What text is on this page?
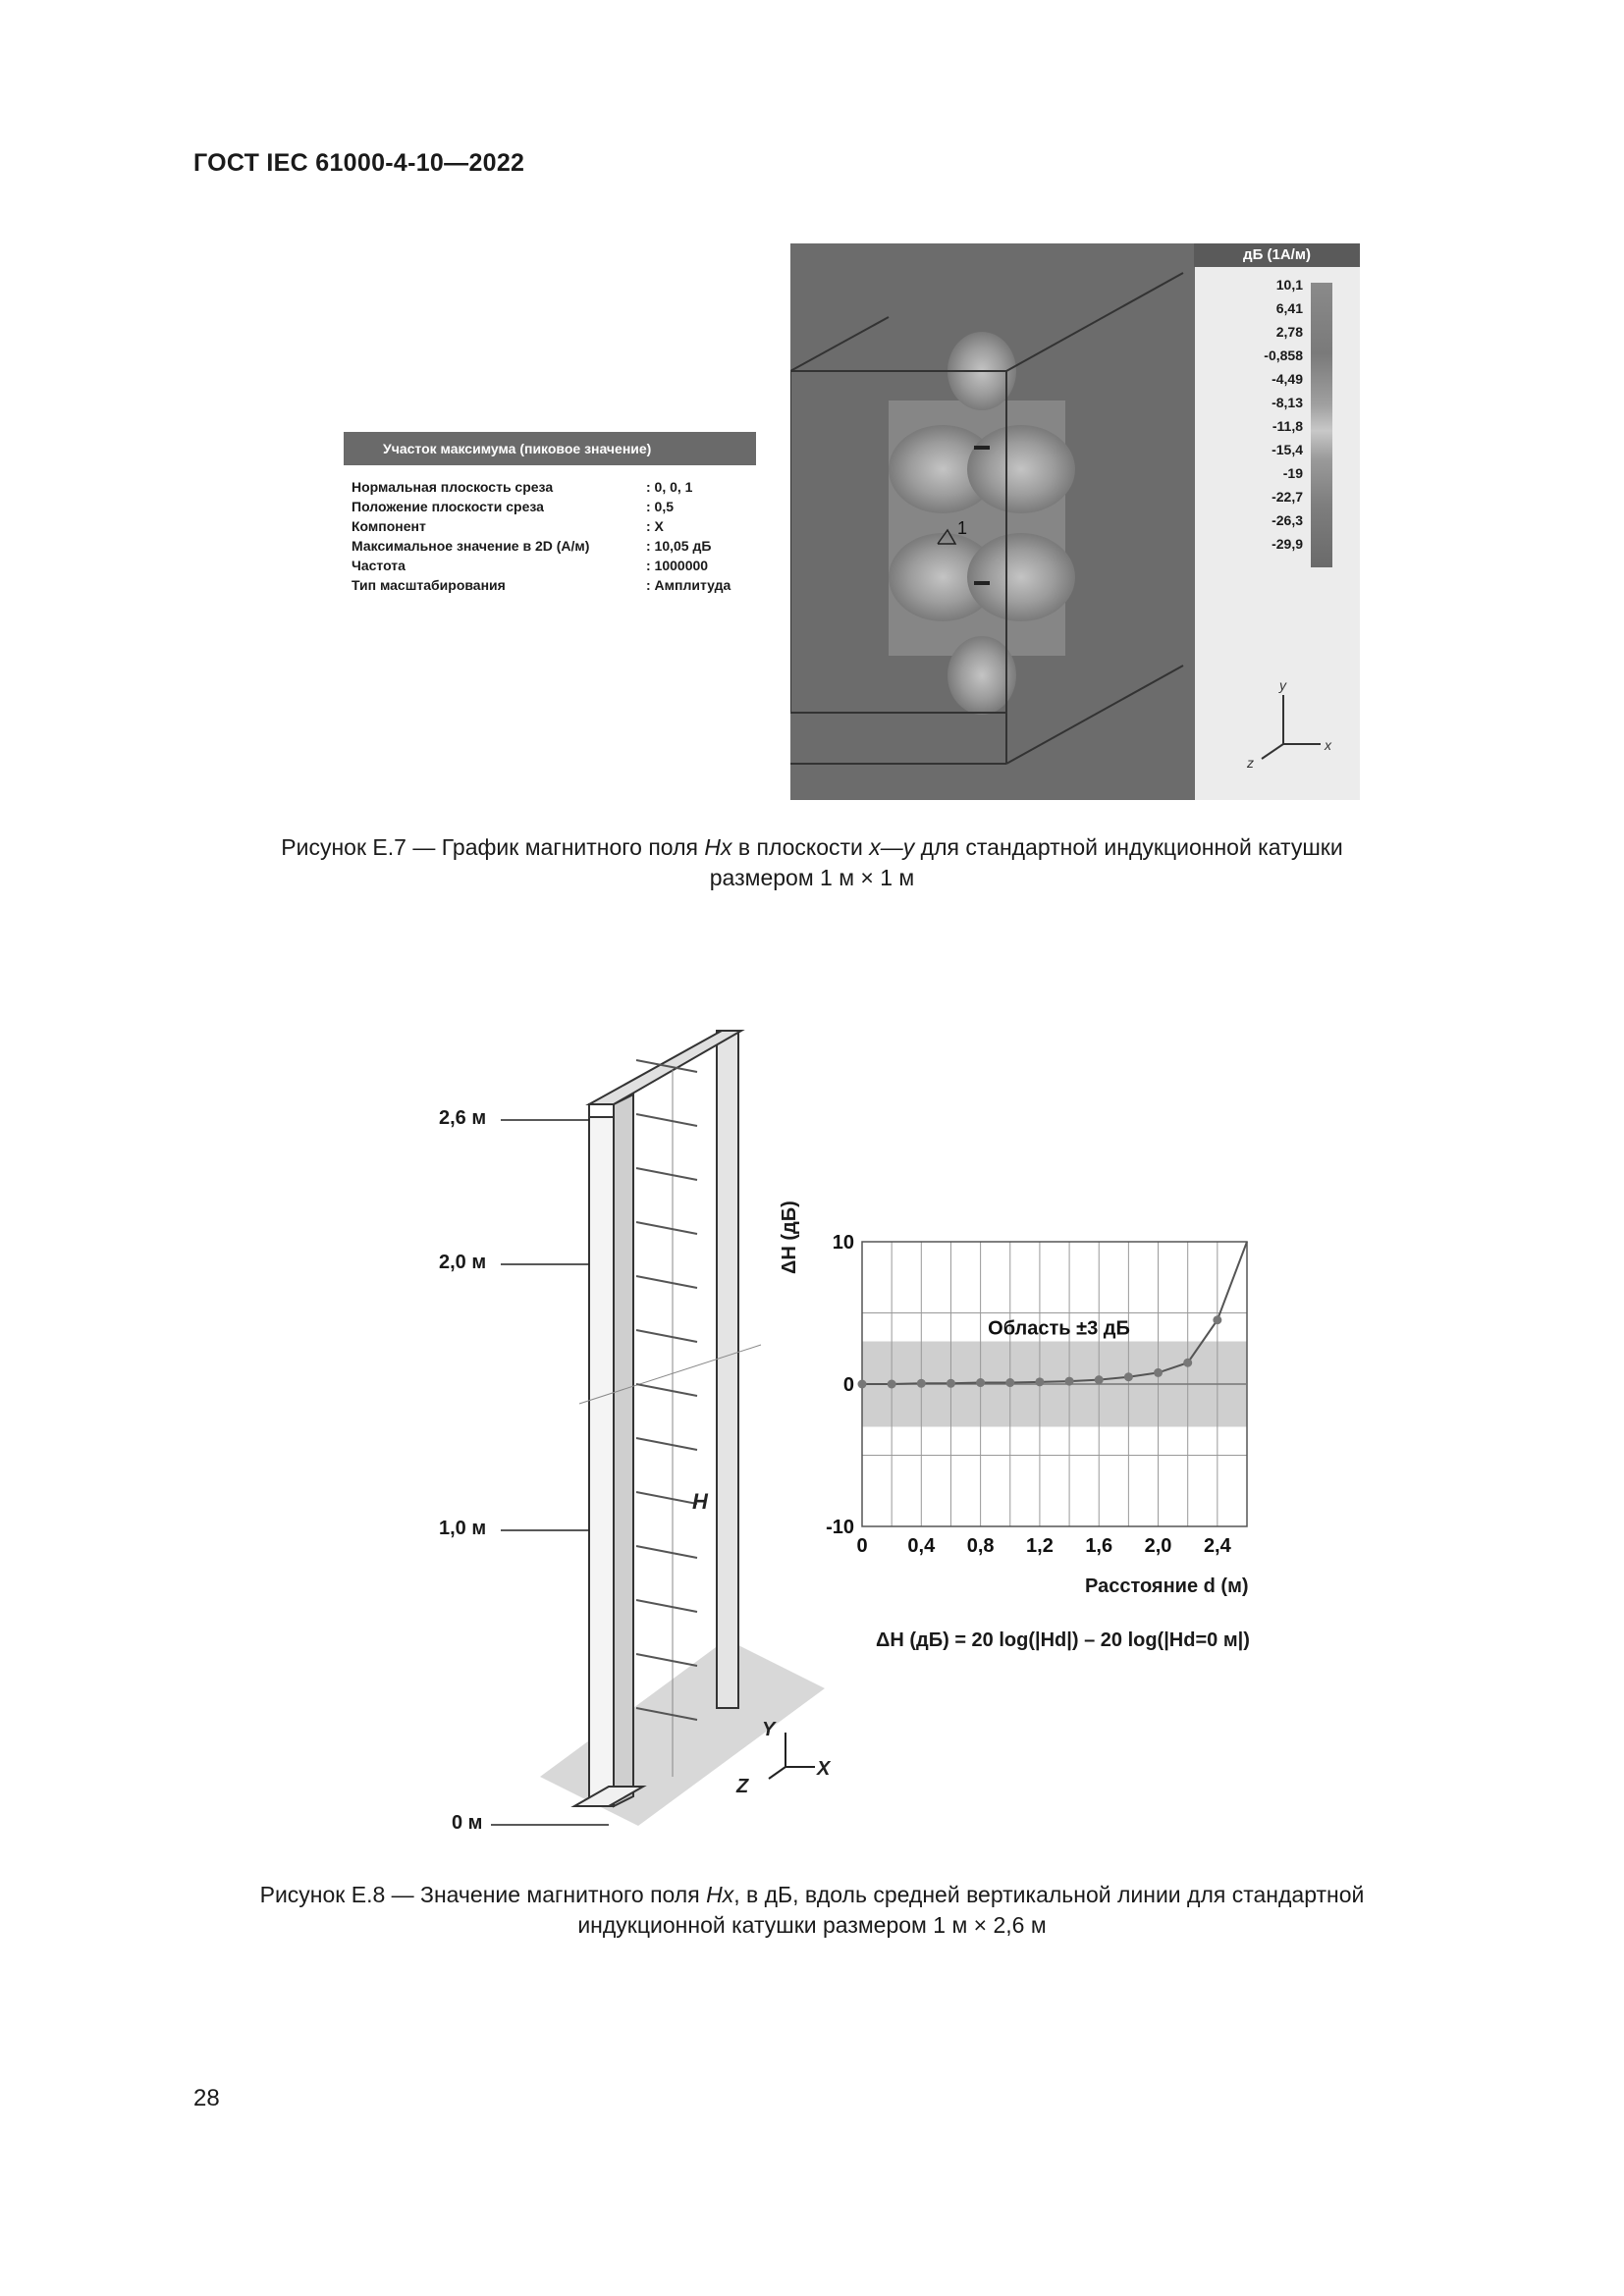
ГОСТ IEC 61000-4-10—2022
Участок максимума (пиковое значение)
Нормальная плоскость среза	: 0, 0, 1
Положение плоскости среза	: 0,5
Компонент	: X
Максимальное значение в 2D (А/м)	: 10,05 дБ
Частота	: 1000000
Тип масштабирования	: Амплитуда
1
дБ (1А/м)
10,1
6,41
2,78
-0,858
-4,49
-8,13
-11,8
-15,4
-19
-22,7
-26,3
-29,9
y
x
z
Рисунок Е.7 — График магнитного поля Hx в плоскости x—y для стандартной индукционной катушки
размером 1 м × 1 м
H
Y
X
Z
2,6 м
2,0 м
1,0 м
0 м
Область ±3 дБ
0 0,4 0,8 1,2 1,6 2,0 2,4
10
0
-10
ΔH (дБ)
Расстояние d (м)
ΔH (дБ) = 20 log(|Hd|) – 20 log(|Hd=0 м|)
Рисунок Е.8 — Значение магнитного поля Hx, в дБ, вдоль средней вертикальной линии для стандартной
индукционной катушки размером 1 м × 2,6 м
28
